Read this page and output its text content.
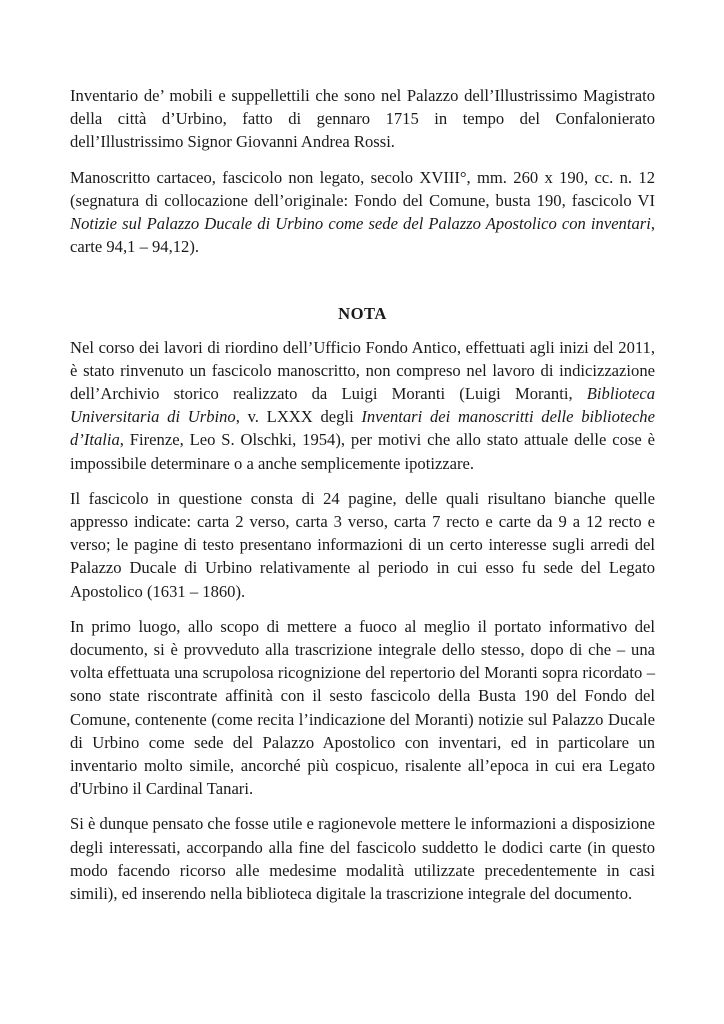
Inventario de’ mobili e suppellettili che sono nel Palazzo dell’Illustrissimo Magistrato della città d’Urbino, fatto di gennaro 1715 in tempo del Confalonierato dell’Illustrissimo Signor Giovanni Andrea Rossi.

Manoscritto cartaceo, fascicolo non legato, secolo XVIII°, mm. 260 x 190, cc. n. 12 (segnatura di collocazione dell’originale: Fondo del Comune, busta 190, fascicolo VI Notizie sul Palazzo Ducale di Urbino come sede del Palazzo Apostolico con inventari, carte 94,1 – 94,12).

NOTA

Nel corso dei lavori di riordino dell’Ufficio Fondo Antico, effettuati agli inizi del 2011, è stato rinvenuto un fascicolo manoscritto, non compreso nel lavoro di indicizzazione dell’Archivio storico realizzato da Luigi Moranti (Luigi Moranti, Biblioteca Universitaria di Urbino, v. LXXX degli Inventari dei manoscritti delle biblioteche d’Italia, Firenze, Leo S. Olschki, 1954), per motivi che allo stato attuale delle cose è impossibile determinare o a anche semplicemente ipotizzare.

Il fascicolo in questione consta di 24 pagine, delle quali risultano bianche quelle appresso indicate: carta 2 verso, carta 3 verso, carta 7 recto e carte da 9 a 12 recto e verso; le pagine di testo presentano informazioni di un certo interesse sugli arredi del Palazzo Ducale di Urbino relativamente al periodo in cui esso fu sede del Legato Apostolico (1631 – 1860).

In primo luogo, allo scopo di mettere a fuoco al meglio il portato informativo del documento, si è provveduto alla trascrizione integrale dello stesso, dopo di che – una volta effettuata una scrupolosa ricognizione del repertorio del Moranti sopra ricordato – sono state riscontrate affinità con il sesto fascicolo della Busta 190 del Fondo del Comune, contenente (come recita l’indicazione del Moranti) notizie sul Palazzo Ducale di Urbino come sede del Palazzo Apostolico con inventari, ed in particolare un inventario molto simile, ancorché più cospicuo, risalente all’epoca in cui era Legato d'Urbino il Cardinal Tanari.

Si è dunque pensato che fosse utile e ragionevole mettere le informazioni a disposizione degli interessati, accorpando alla fine del fascicolo suddetto le dodici carte (in questo modo facendo ricorso alle medesime modalità utilizzate precedentemente in casi simili), ed inserendo nella biblioteca digitale la trascrizione integrale del documento.
